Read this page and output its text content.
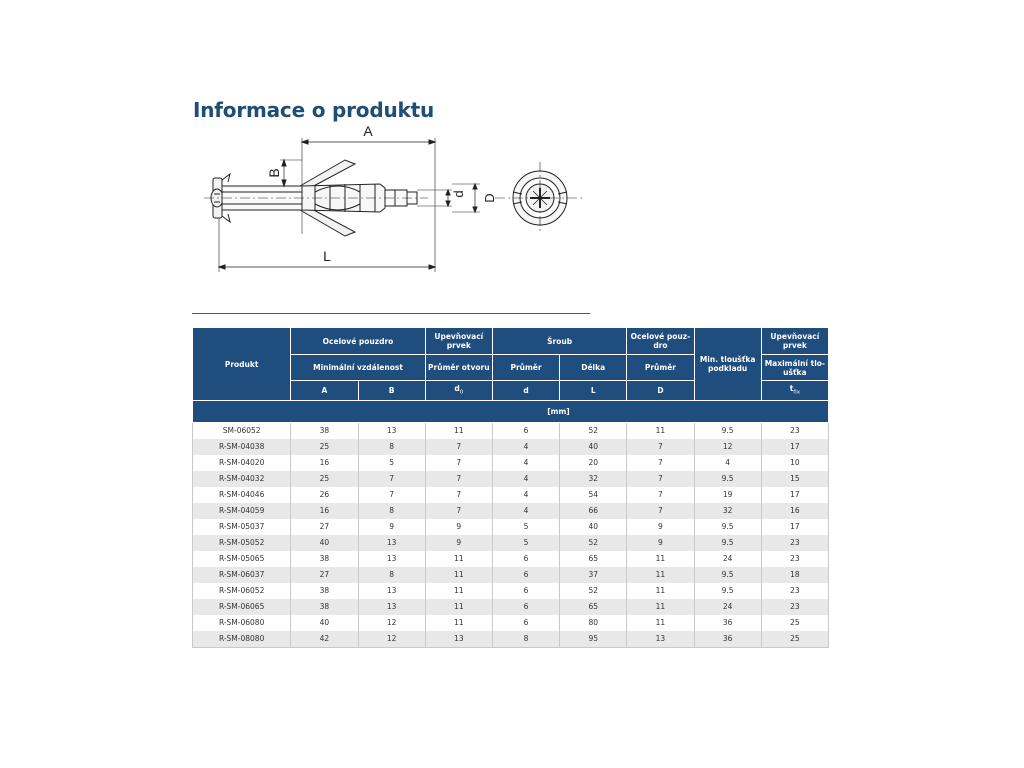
Informace o produktu
A
B
L
d D
Produkt	Ocelové pouzdro		Upevňovací prvek	Šroub		Ocelové pouz-dro	Min. tloušťka podkladu	Upevňovací prvek
	Minimální vzdálenost		Průměr otvoru	Průměr	Délka	Průměr		Maximální tlo-ušťka
	A	B	$d_0$	d	L	D		$t_{fix}$
[mm]								
SM-06052	38	13	11	6	52	11	9.5	23
R-SM-04038	25	8	7	4	40	7	12	17
R-SM-04020	16	5	7	4	20	7	4	10
R-SM-04032	25	7	7	4	32	7	9.5	15
R-SM-04046	26	7	7	4	54	7	19	17
R-SM-04059	16	8	7	4	66	7	32	16
R-SM-05037	27	9	9	5	40	9	9.5	17
R-SM-05052	40	13	9	5	52	9	9.5	23
R-SM-05065	38	13	11	6	65	11	24	23
R-SM-06037	27	8	11	6	37	11	9.5	18
R-SM-06052	38	13	11	6	52	11	9.5	23
R-SM-06065	38	13	11	6	65	11	24	23
R-SM-06080	40	12	11	6	80	11	36	25
R-SM-08080	42	12	13	8	95	13	36	25
